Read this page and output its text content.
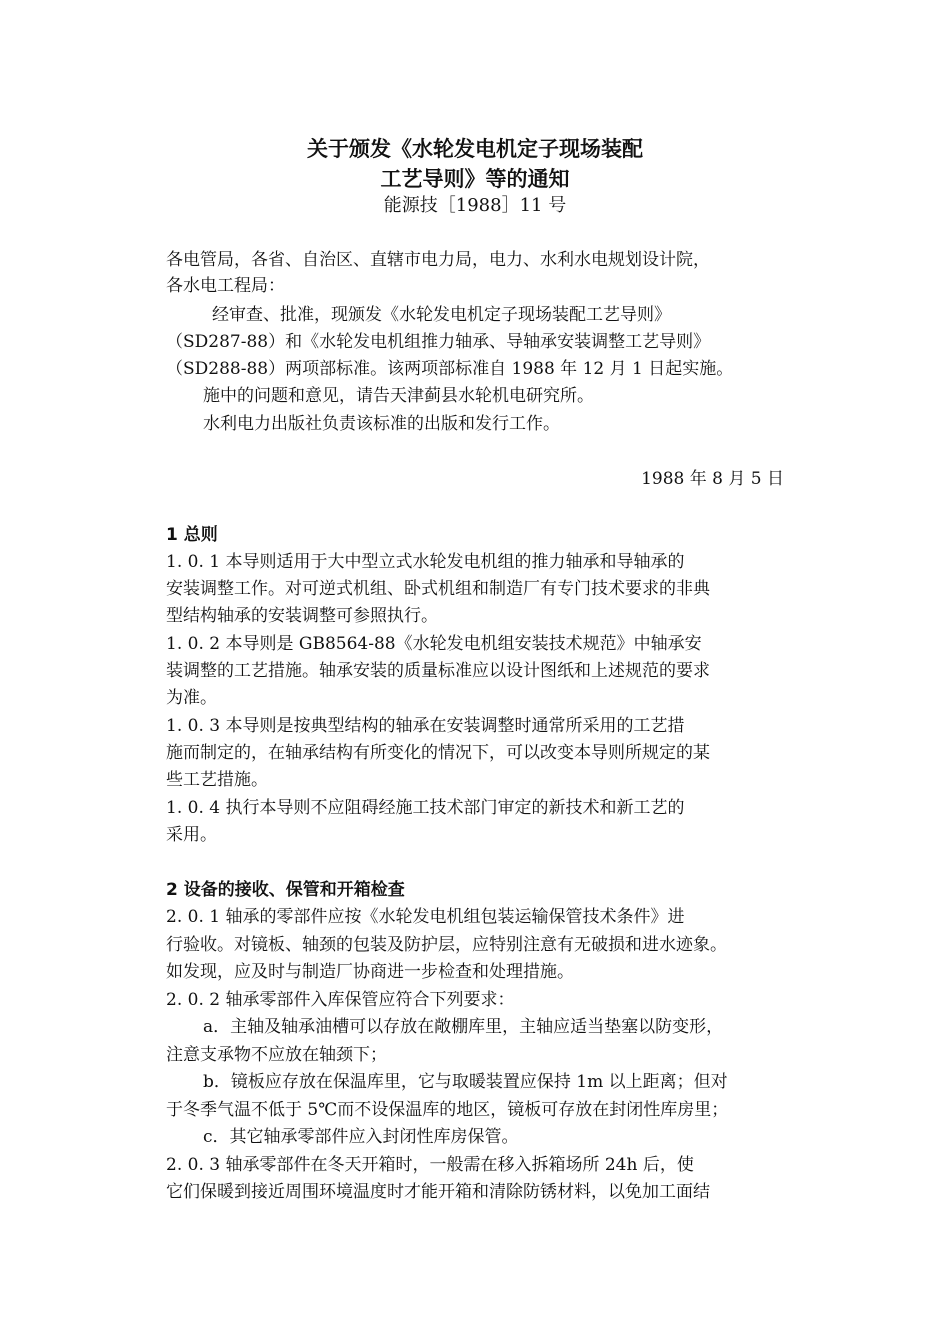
关于颁发《水轮发电机定子现场装配
工艺导则》等的通知
能源技［1988］11 号
各电管局，各省、自治区、直辖市电力局，电力、水利水电规划设计院，
各水电工程局：
经审查、批准，现颁发《水轮发电机定子现场装配工艺导则》
（SD287-88）和《水轮发电机组推力轴承、导轴承安装调整工艺导则》
（SD288-88）两项部标准。该两项部标准自 1988 年 12 月 1 日起实施。
施中的问题和意见，请告天津蓟县水轮机电研究所。
水利电力出版社负责该标准的出版和发行工作。
1988 年 8 月 5 日
1 总则
1. 0. 1 本导则适用于大中型立式水轮发电机组的推力轴承和导轴承的
安装调整工作。对可逆式机组、卧式机组和制造厂有专门技术要求的非典
型结构轴承的安装调整可参照执行。
1. 0. 2 本导则是 GB8564-88《水轮发电机组安装技术规范》中轴承安
装调整的工艺措施。轴承安装的质量标准应以设计图纸和上述规范的要求
为准。
1. 0. 3 本导则是按典型结构的轴承在安装调整时通常所采用的工艺措
施而制定的，在轴承结构有所变化的情况下，可以改变本导则所规定的某
些工艺措施。
1. 0. 4 执行本导则不应阻碍经施工技术部门审定的新技术和新工艺的
采用。
2 设备的接收、保管和开箱检查
2. 0. 1 轴承的零部件应按《水轮发电机组包装运输保管技术条件》进
行验收。对镜板、轴颈的包装及防护层，应特别注意有无破损和进水迹象。
如发现，应及时与制造厂协商进一步检查和处理措施。
2. 0. 2 轴承零部件入库保管应符合下列要求：
a．主轴及轴承油槽可以存放在敞棚库里，主轴应适当垫塞以防变形，
注意支承物不应放在轴颈下；
b．镜板应存放在保温库里，它与取暖装置应保持 1m 以上距离；但对
于冬季气温不低于 5℃而不设保温库的地区，镜板可存放在封闭性库房里；
c．其它轴承零部件应入封闭性库房保管。
2. 0. 3 轴承零部件在冬天开箱时，一般需在移入拆箱场所 24h 后，使
它们保暖到接近周围环境温度时才能开箱和清除防锈材料，以免加工面结
